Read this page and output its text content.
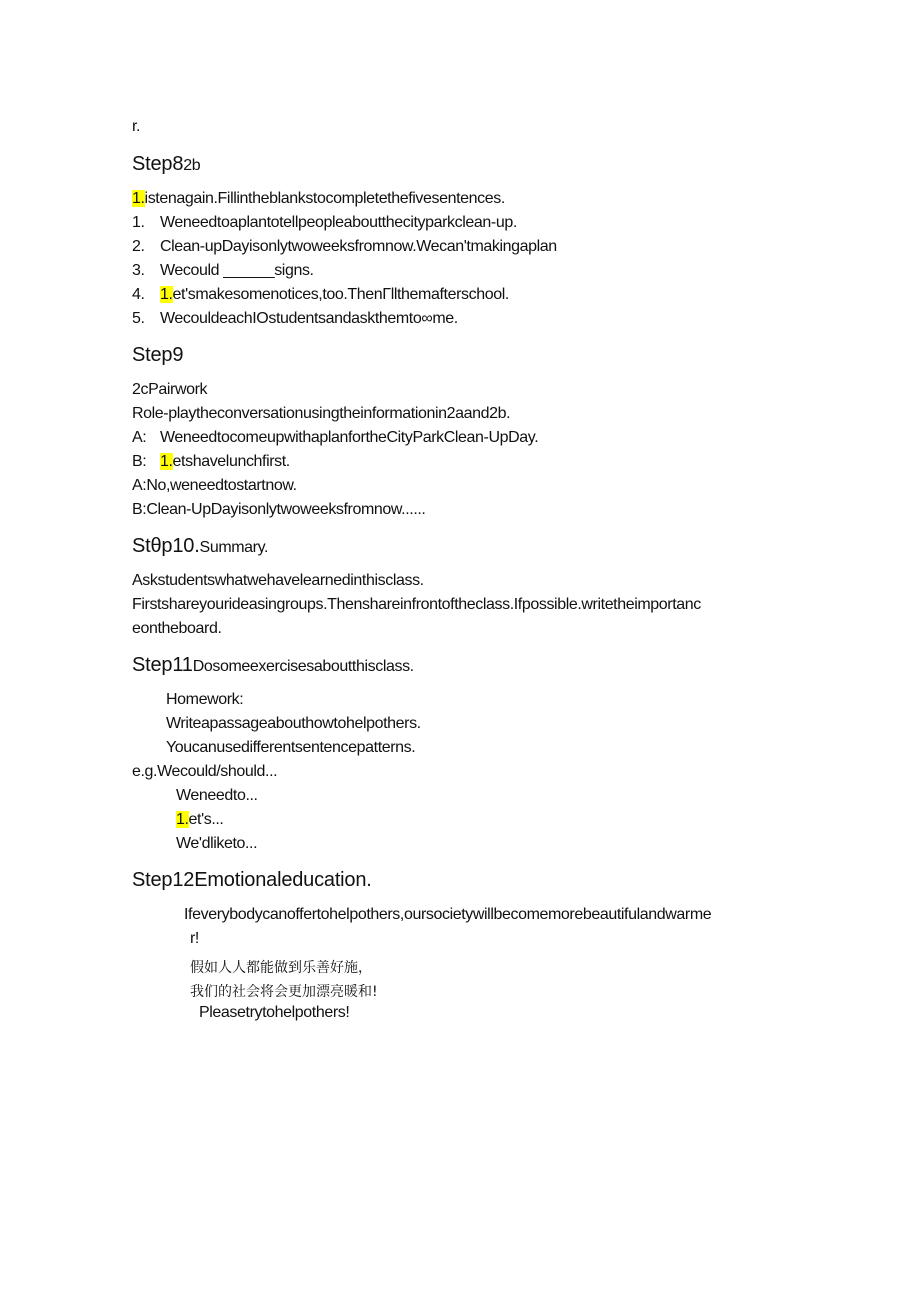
r.
Step82b
1.istenagain.Fillintheblankstocompletethefivesentences.
1. Weneedtoaplantotellpeopleaboutthecityparkclean-up.
2. Clean-upDayisonlytwoweeksfromnow.Wecan'tmakingaplan
3. Wecould ______signs.
4. 1.et'smakesomenotices,too.ThenΓllthemafterschool.
5. WecouldeachIOstudentsandaskthemto∞me.
Step9
2cPairwork
Role-playtheconversationusingtheinformationin2aand2b.
A: WeneedtocomeupwithaplanfortheCityParkClean-UpDay.
B: 1.etshavelunchfirst.
A:No,weneedtostartnow.
B:Clean-UpDayisonlytwoweeksfromnow......
Stθp10.Summary.
Askstudentswhatwehavelearnedinthisclass.
Firstshareyourideasingroups.Thenshareinfrontoftheclass.Ifpossible.writetheimportanc
eontheboard.
Step11Dosomeexercisesaboutthisclass.
Homework:
Writeapassageabouthowtohelpothers.
Youcanusedifferentsentencepatterns.
e.g.Wecould/should...
Weneedto...
1.et's...
We'dliketo...
Step12Emotionaleducation.
Ifeverybodycanoffertohelpothers,oursocietywillbecomemorebeautifulandwarme
r!
假如人人都能做到乐善好施，
我们的社会将会更加漂亮暖和!
Pleasetrytohelpothers!
